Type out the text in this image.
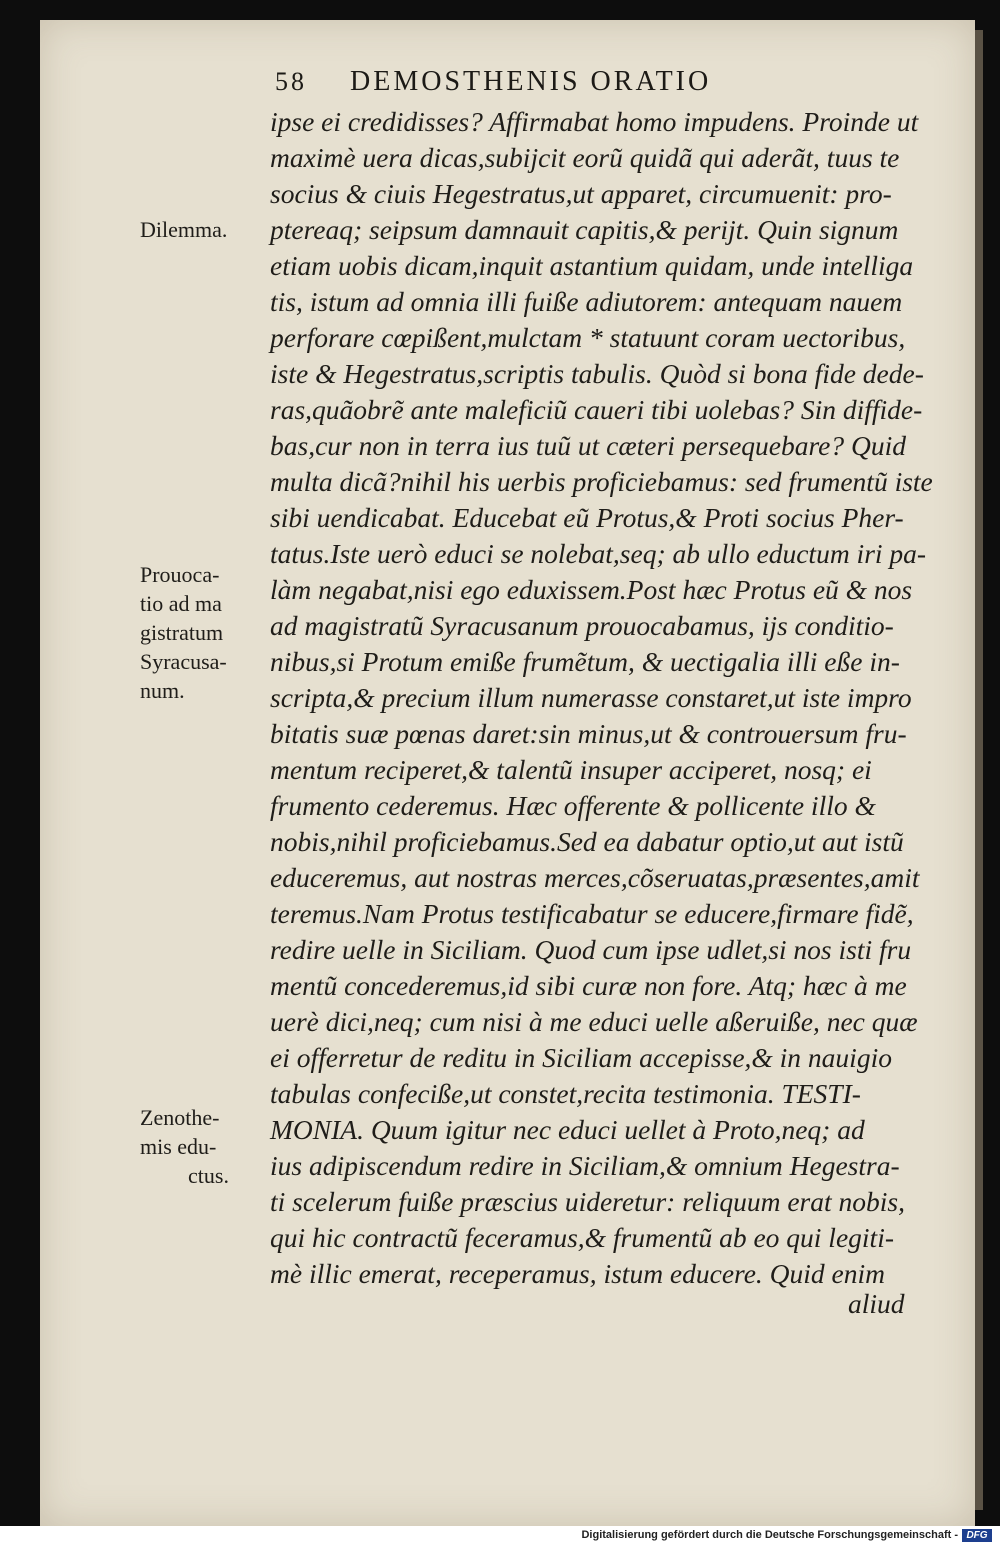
58 DEMOSTHENIS ORATIO
ipse ei credidisses? Affirmabat homo impudens. Proinde ut
maximè uera dicas,subijcit eorũ quidã qui aderãt, tuus te
socius & ciuis Hegestratus,ut apparet, circumuenit: pro-
ptereaq; seipsum damnauit capitis,& perijt. Quin signum
etiam uobis dicam,inquit astantium quidam, unde intelliga
tis, istum ad omnia illi fuiße adiutorem: antequam nauem
perforare cœpißent,mulctam * statuunt coram uectoribus,
iste & Hegestratus,scriptis tabulis. Quòd si bona fide dede-
ras,quãobrẽ ante maleficiũ caueri tibi uolebas? Sin diffide-
bas,cur non in terra ius tuũ ut cæteri persequebare? Quid
multa dicã?nihil his uerbis proficiebamus: sed frumentũ iste
sibi uendicabat. Educebat eũ Protus,& Proti socius Pher-
tatus.Iste uerò educi se nolebat,seq; ab ullo eductum iri pa-
làm negabat,nisi ego eduxissem.Post hæc Protus eũ & nos
ad magistratũ Syracusanum prouocabamus, ijs conditio-
nibus,si Protum emiße frumẽtum, & uectigalia illi eße in-
scripta,& precium illum numerasse constaret,ut iste impro
bitatis suæ pœnas daret:sin minus,ut & controuersum fru-
mentum reciperet,& talentũ insuper acciperet, nosq; ei
frumento cederemus. Hæc offerente & pollicente illo &
nobis,nihil proficiebamus.Sed ea dabatur optio,ut aut istũ
educeremus, aut nostras merces,cõseruatas,præsentes,amit
teremus.Nam Protus testificabatur se educere,firmare fidẽ,
redire uelle in Siciliam. Quod cum ipse udlet,si nos isti fru
mentũ concederemus,id sibi curæ non fore. Atq; hæc à me
uerè dici,neq; cum nisi à me educi uelle aßeruiße, nec quæ
ei offerretur de reditu in Siciliam accepisse,& in nauigio
tabulas confeciße,ut constet,recita testimonia. TESTI-
MONIA. Quum igitur nec educi uellet à Proto,neq; ad
ius adipiscendum redire in Siciliam,& omnium Hegestra-
ti scelerum fuiße præscius uideretur: reliquum erat nobis,
qui hic contractũ feceramus,& frumentũ ab eo qui legiti-
mè illic emerat, receperamus, istum educere. Quid enim
aliud
Dilemma.
Prouoca-
tio ad ma
gistratum
Syracusa-
num.
Zenothe-
mis edu-
ctus.
Digitalisierung gefördert durch die Deutsche Forschungsgemeinschaft - DFG
